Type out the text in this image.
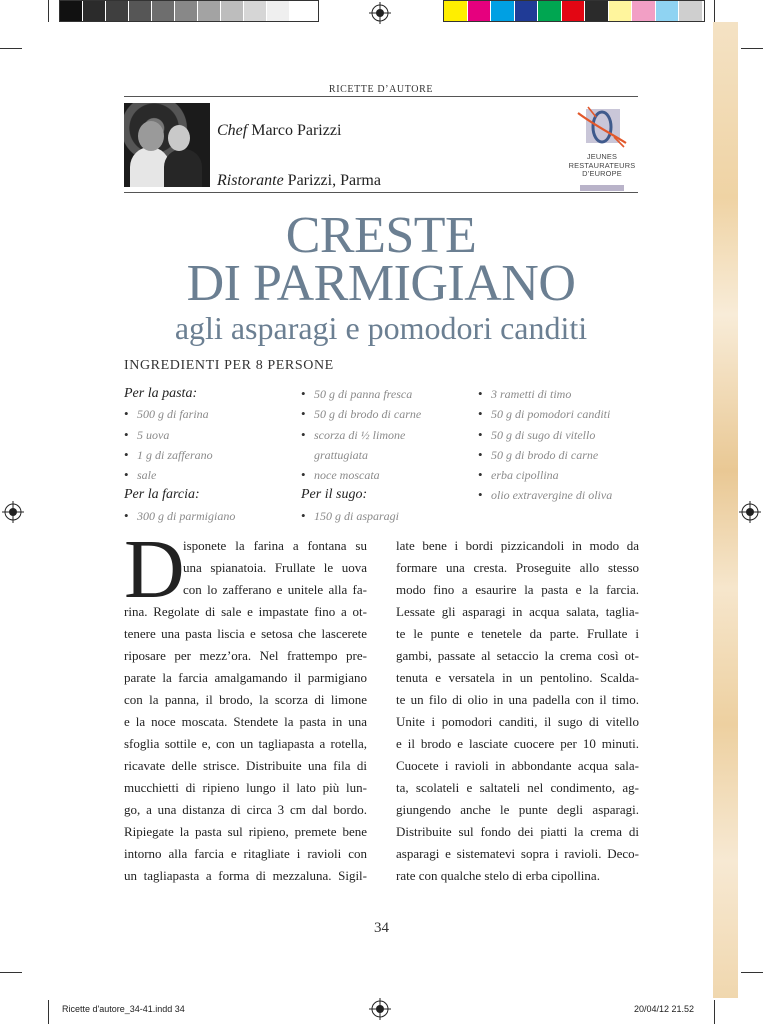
RICETTE D’AUTORE
Chef Marco Parizzi
Ristorante Parizzi, Parma
JEUNES
RESTAURATEURS
D’EUROPE
CRESTE
DI PARMIGIANO
agli asparagi e pomodori canditi
INGREDIENTI PER 8 PERSONE
Per la pasta:
• 500 g di farina
• 5 uova
• 1 g di zafferano
• sale
Per la farcia:
• 300 g di parmigiano
• 50 g di panna fresca
• 50 g di brodo di carne
• scorza di ½ limone
grattugiata
• noce moscata
Per il sugo:
• 150 g di asparagi
• 3 rametti di timo
• 50 g di pomodori canditi
• 50 g di sugo di vitello
• 50 g di brodo di carne
• erba cipollina
• olio extravergine di oliva
D
isponete la farina a fontana su
una spianatoia. Frullate le uova
con lo zafferano e unitele alla fa-
rina. Regolate di sale e impastate fino a ot-
tenere una pasta liscia e setosa che lascerete
riposare per mezz’ora. Nel frattempo pre-
parate la farcia amalgamando il parmigiano
con la panna, il brodo, la scorza di limone
e la noce moscata. Stendete la pasta in una
sfoglia sottile e, con un tagliapasta a rotella,
ricavate delle strisce. Distribuite una fila di
mucchietti di ripieno lungo il lato più lun-
go, a una distanza di circa 3 cm dal bordo.
Ripiegate la pasta sul ripieno, premete bene
intorno alla farcia e ritagliate i ravioli con
un tagliapasta a forma di mezzaluna. Sigil-
late bene i bordi pizzicandoli in modo da
formare una cresta. Proseguite allo stesso
modo fino a esaurire la pasta e la farcia.
Lessate gli asparagi in acqua salata, taglia-
te le punte e tenetele da parte. Frullate i
gambi, passate al setaccio la crema così ot-
tenuta e versatela in un pentolino. Scalda-
te un filo di olio in una padella con il timo.
Unite i pomodori canditi, il sugo di vitello
e il brodo e lasciate cuocere per 10 minuti.
Cuocete i ravioli in abbondante acqua sala-
ta, scolateli e saltateli nel condimento, ag-
giungendo anche le punte degli asparagi.
Distribuite sul fondo dei piatti la crema di
asparagi e sistematevi sopra i ravioli. Deco-
rate con qualche stelo di erba cipollina.
34
Ricette d'autore_34-41.indd 34	20/04/12 21.52
